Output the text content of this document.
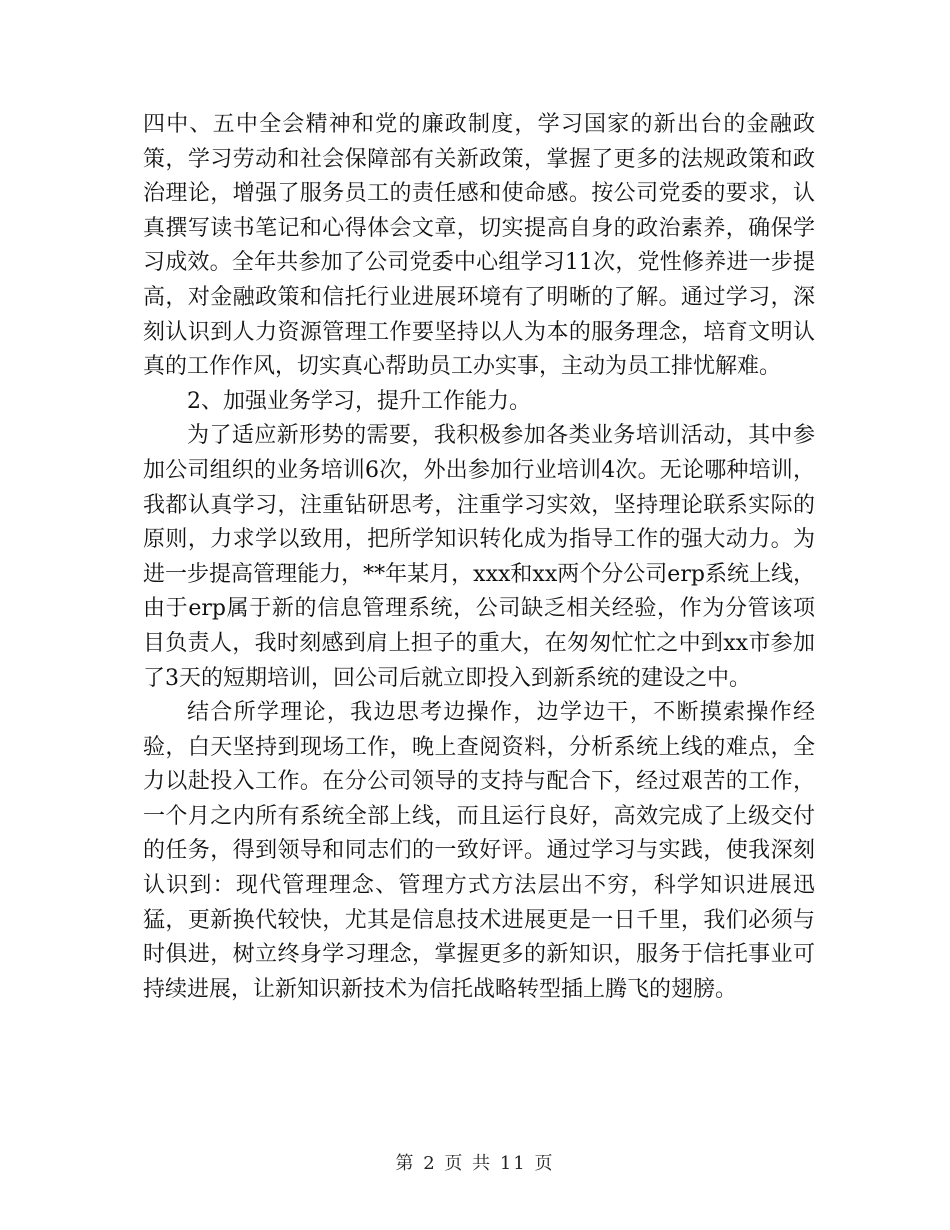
四中、五中全会精神和党的廉政制度，学习国家的新出台的金融政策，学习劳动和社会保障部有关新政策，掌握了更多的法规政策和政治理论，增强了服务员工的责任感和使命感。按公司党委的要求，认真撰写读书笔记和心得体会文章，切实提高自身的政治素养，确保学习成效。全年共参加了公司党委中心组学习11次，党性修养进一步提高，对金融政策和信托行业进展环境有了明晰的了解。通过学习，深刻认识到人力资源管理工作要坚持以人为本的服务理念，培育文明认真的工作作风，切实真心帮助员工办实事，主动为员工排忧解难。

2、加强业务学习，提升工作能力。

为了适应新形势的需要，我积极参加各类业务培训活动，其中参加公司组织的业务培训6次，外出参加行业培训4次。无论哪种培训，我都认真学习，注重钻研思考，注重学习实效，坚持理论联系实际的原则，力求学以致用，把所学知识转化成为指导工作的强大动力。为进一步提高管理能力，**年某月，xxx和xx两个分公司erp系统上线，由于erp属于新的信息管理系统，公司缺乏相关经验，作为分管该项目负责人，我时刻感到肩上担子的重大，在匆匆忙忙之中到xx市参加了3天的短期培训，回公司后就立即投入到新系统的建设之中。

结合所学理论，我边思考边操作，边学边干，不断摸索操作经验，白天坚持到现场工作，晚上查阅资料，分析系统上线的难点，全力以赴投入工作。在分公司领导的支持与配合下，经过艰苦的工作，一个月之内所有系统全部上线，而且运行良好，高效完成了上级交付的任务，得到领导和同志们的一致好评。通过学习与实践，使我深刻认识到：现代管理理念、管理方式方法层出不穷，科学知识进展迅猛，更新换代较快，尤其是信息技术进展更是一日千里，我们必须与时俱进，树立终身学习理念，掌握更多的新知识，服务于信托事业可持续进展，让新知识新技术为信托战略转型插上腾飞的翅膀。

第 2 页 共 11 页
